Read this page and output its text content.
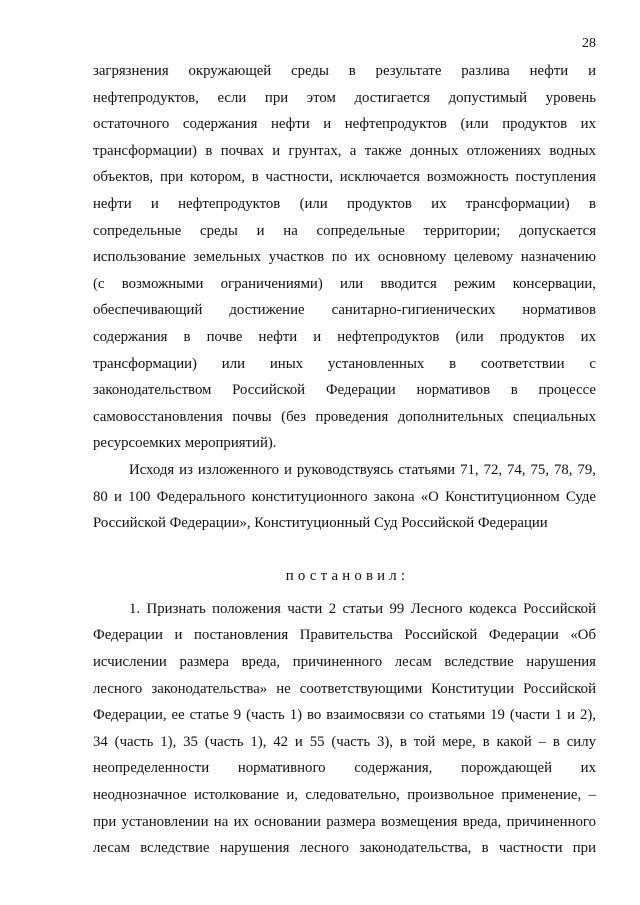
28
загрязнения окружающей среды в результате разлива нефти и
нефтепродуктов, если при этом достигается допустимый уровень
остаточного содержания нефти и нефтепродуктов (или продуктов их
трансформации) в почвах и грунтах, а также донных отложениях водных
объектов, при котором, в частности, исключается возможность поступления
нефти и нефтепродуктов (или продуктов их трансформации) в
сопредельные среды и на сопредельные территории; допускается
использование земельных участков по их основному целевому назначению
(с возможными ограничениями) или вводится режим консервации,
обеспечивающий достижение санитарно-гигиенических нормативов
содержания в почве нефти и нефтепродуктов (или продуктов их
трансформации) или иных установленных в соответствии с
законодательством Российской Федерации нормативов в процессе
самовосстановления почвы (без проведения дополнительных специальных
ресурсоемких мероприятий).
Исходя из изложенного и руководствуясь статьями 71, 72, 74, 75, 78, 79,
80 и 100 Федерального конституционного закона «О Конституционном Суде
Российской Федерации», Конституционный Суд Российской Федерации
постановил:
1. Признать положения части 2 статьи 99 Лесного кодекса Российской
Федерации и постановления Правительства Российской Федерации «Об
исчислении размера вреда, причиненного лесам вследствие нарушения
лесного законодательства» не соответствующими Конституции Российской
Федерации, ее статье 9 (часть 1) во взаимосвязи со статьями 19 (части 1 и 2),
34 (часть 1), 35 (часть 1), 42 и 55 (часть 3), в той мере, в какой – в силу
неопределенности нормативного содержания, порождающей их
неоднозначное истолкование и, следовательно, произвольное применение, –
при установлении на их основании размера возмещения вреда, причиненного
лесам вследствие нарушения лесного законодательства, в частности при
